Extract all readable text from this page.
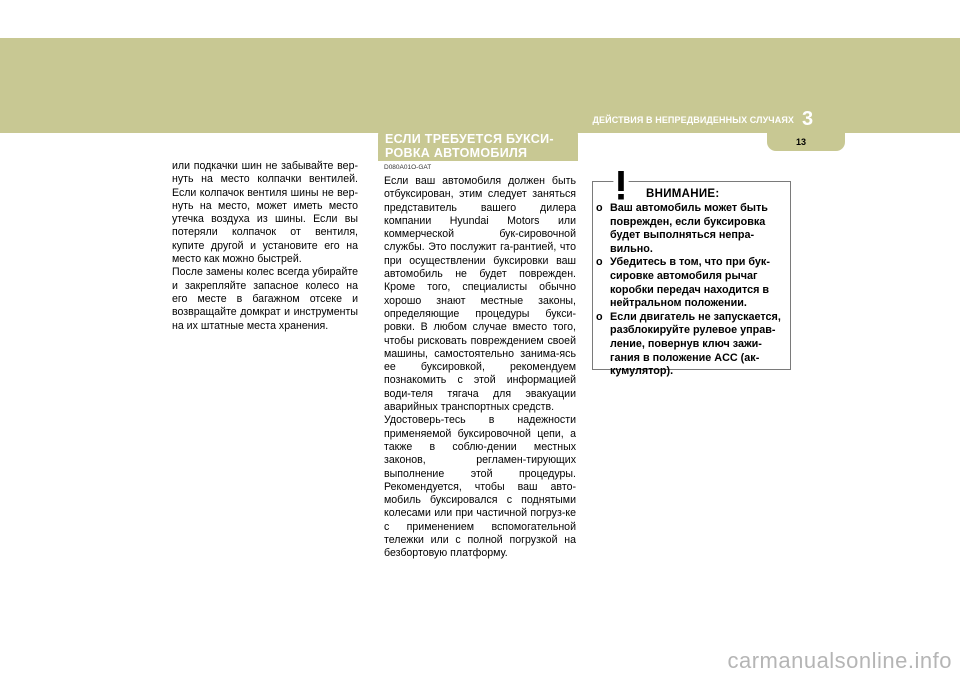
ДЕЙСТВИЯ В НЕПРЕДВИДЕННЫХ СЛУЧАЯХ 3
13
ЕСЛИ ТРЕБУЕТСЯ БУКСИ-РОВКА АВТОМОБИЛЯ

или подкачки шин не забывайте вер-нуть на место колпачки вентилей. Если колпачок вентиля шины не вер-нуть на место, может иметь место утечка воздуха из шины. Если вы потеряли колпачок от вентиля, купите другой и установите его на место как можно быстрей.

После замены колес всегда убирайте и закрепляйте запасное колесо на его месте в багажном отсеке и возвращайте домкрат и инструменты на их штатные места хранения.

D080A01O-GAT

Если ваш автомобиля должен быть отбуксирован, этим следует заняться представитель вашего дилера компании Hyundai Motors или коммерческой бук-сировочной службы. Это послужит га-рантией, что при осуществлении буксировки ваш автомобиль не будет поврежден. Кроме того, специалисты обычно хорошо знают местные законы, определяющие процедуры букси-ровки. В любом случае вместо того, чтобы рисковать повреждением своей машины, самостоятельно занима-ясь ее буксировкой, рекомендуем познакомить с этой информацией води-теля тягача для эвакуации аварийных транспортных средств.

Удостоверь-тесь в надежности применяемой буксировочной цепи, а также в соблю-дении местных законов, регламен-тирующих выполнение этой процедуры. Рекомендуется, чтобы ваш авто-мобиль буксировался с поднятыми колесами или при частичной погруз-ке с применением вспомогательной тележки или с полной погрузкой на безбортовую платформу.

ВНИМАНИЕ:
o Ваш автомобиль может быть поврежден, если буксировка будет выполняться непра-вильно.
o Убедитесь в том, что при бук-сировке автомобиля рычаг коробки передач находится в нейтральном положении.
o Если двигатель не запускается, разблокируйте рулевое управ-ление, повернув ключ зажи-гания в положение ACC (ак-кумулятор).
carmanualsonline.info
